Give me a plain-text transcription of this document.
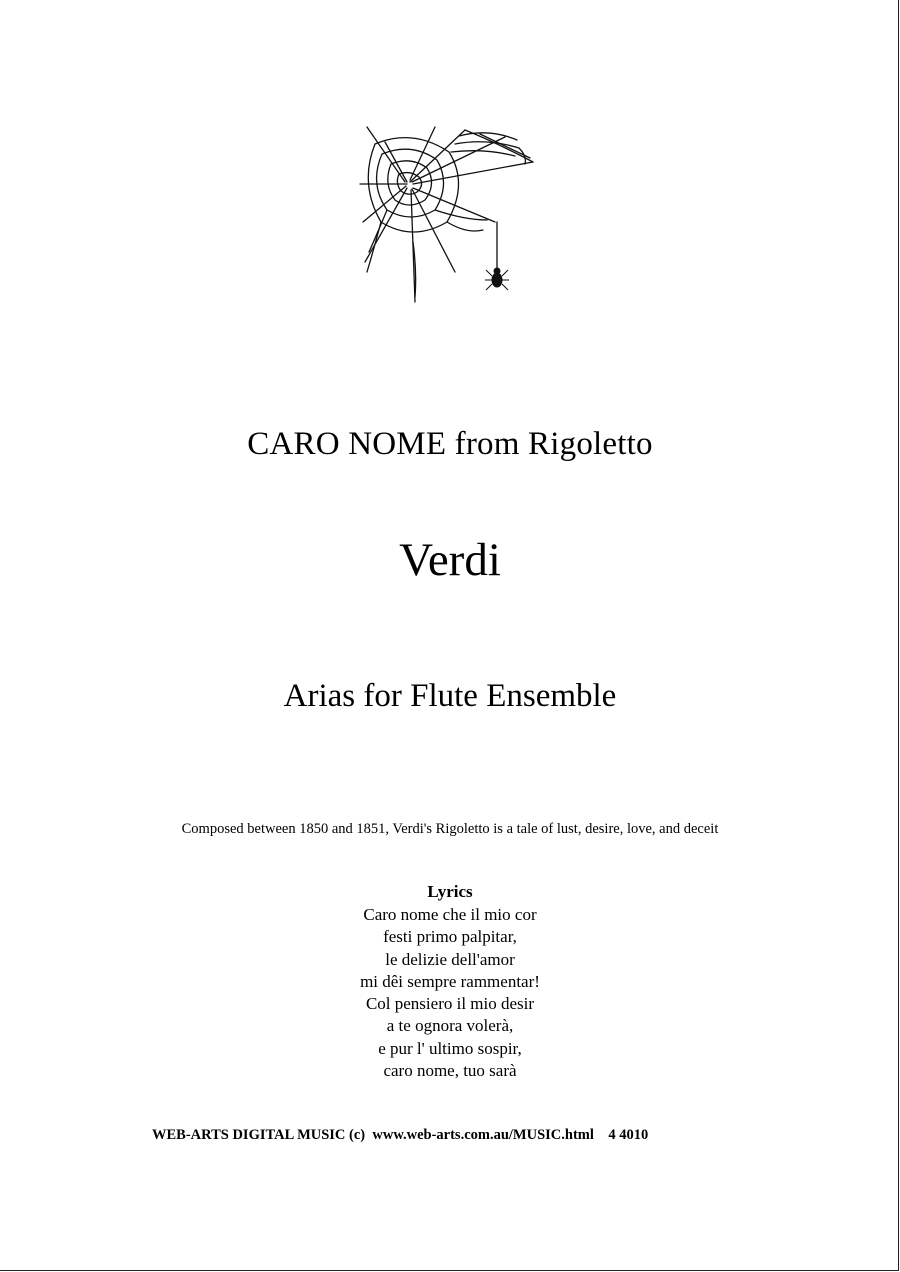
CARO NOME from Rigoletto
Verdi
Arias for Flute Ensemble
Composed between 1850 and 1851, Verdi's Rigoletto is a tale of lust, desire, love, and deceit
Lyrics
Caro nome che il mio cor
festi primo palpitar,
le delizie dell'amor
mi dêi sempre rammentar!
Col pensiero il mio desir
a te ognora volerà,
e pur l' ultimo sospir,
caro nome, tuo sarà
WEB-ARTS DIGITAL MUSIC (c) www.web-arts.com.au/MUSIC.html 4 4010
